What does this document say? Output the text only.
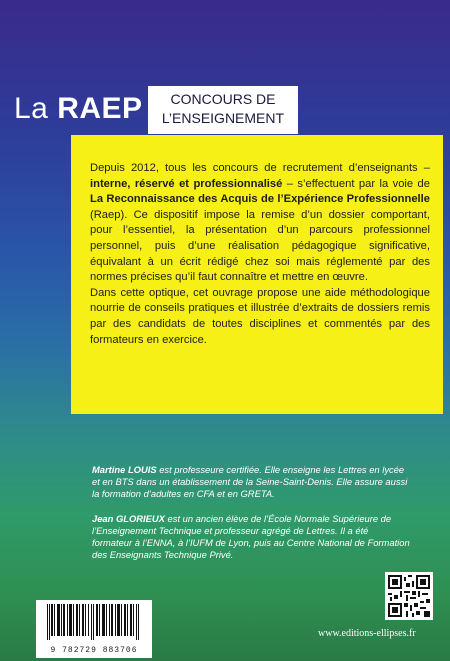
La RAEP	CONCOURS DE
L’ENSEIGNEMENT

Depuis 2012, tous les concours de recrutement d’enseignants – interne, réservé et professionnalisé – s’effectuent par la voie de La Reconnaissance des Acquis de l’Expérience Professionnelle (Raep). Ce dispositif impose la remise d’un dossier comportant, pour l’essentiel, la présentation d’un parcours professionnel personnel, puis d’une réalisation pédagogique significative, équivalant à un écrit rédigé chez soi mais réglementé par des normes précises qu’il faut connaître et mettre en œuvre.

Dans cette optique, cet ouvrage propose une aide méthodologique nourrie de conseils pratiques et illustrée d’extraits de dossiers remis par des candidats de toutes disciplines et commentés par des formateurs en exercice.

Martine LOUIS est professeure certifiée. Elle enseigne les Lettres en lycée et en BTS dans un établissement de la Seine-Saint-Denis. Elle assure aussi la formation d’adultes en CFA et en GRETA.

Jean GLORIEUX est un ancien élève de l’École Normale Supérieure de l’Enseignement Technique et professeur agrégé de Lettres. Il a été formateur à l’ENNA, à l’IUFM de Lyon, puis au Centre National de Formation des Enseignants Technique Privé.

9 782729 883706
www.editions-ellipses.fr
